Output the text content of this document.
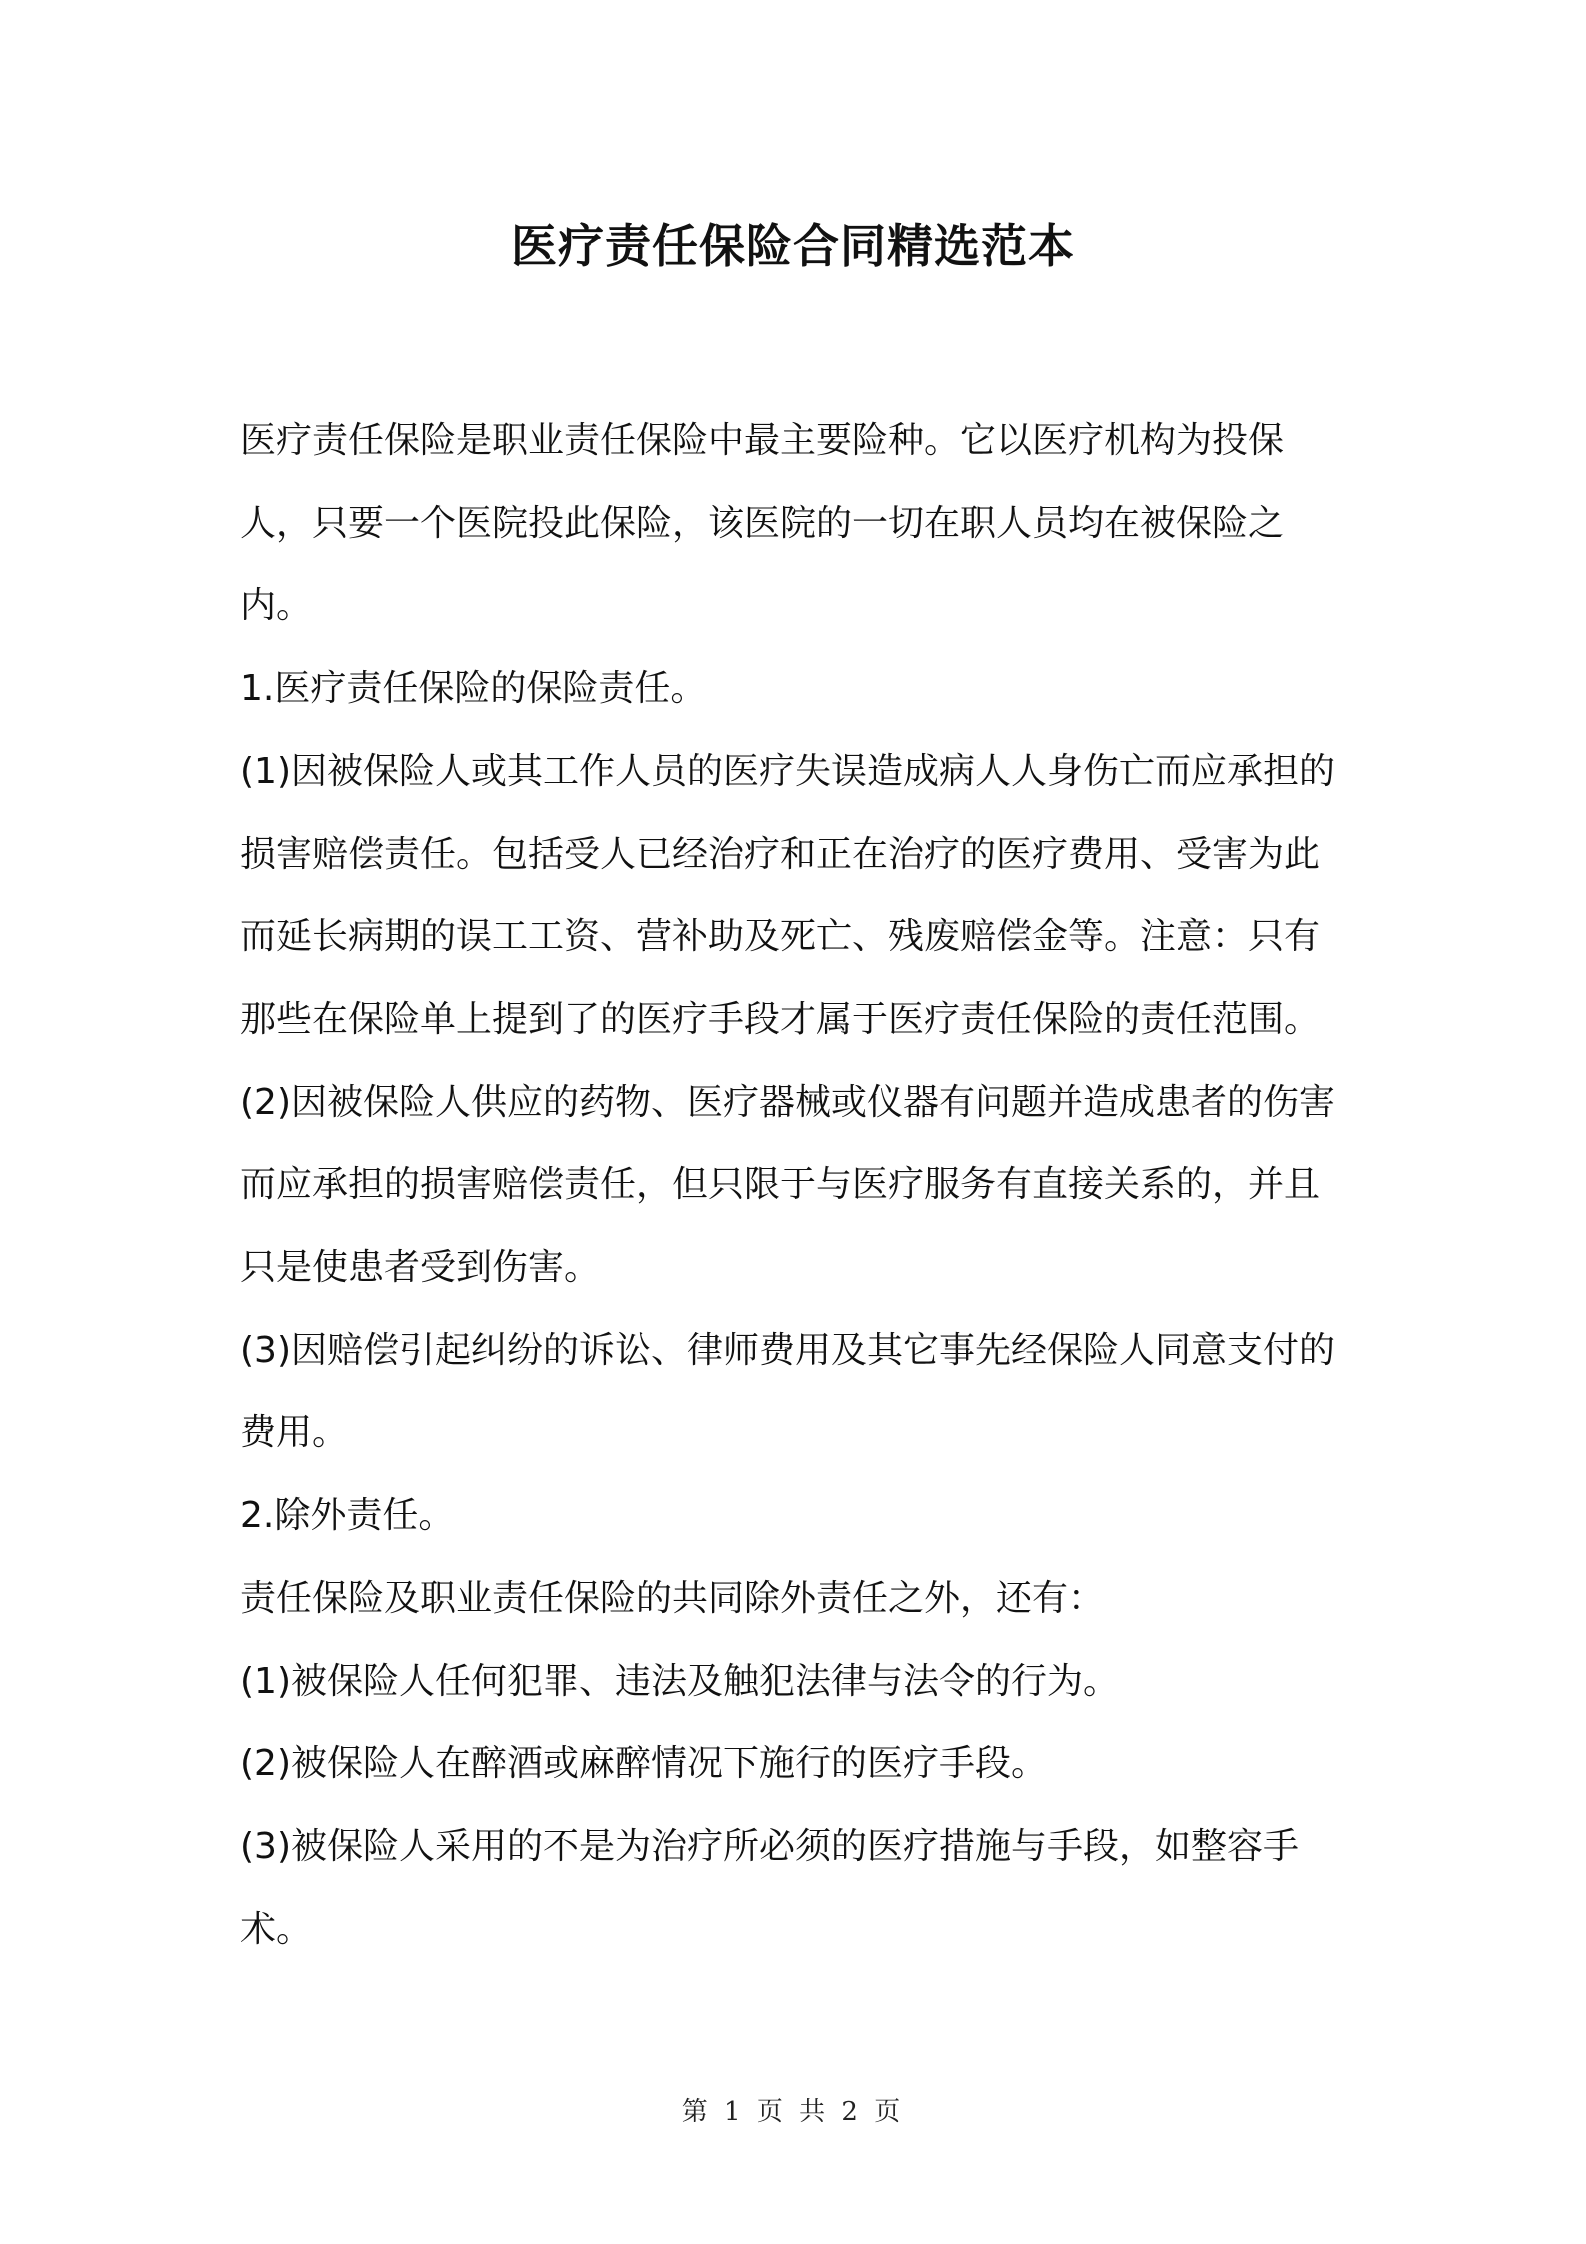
医疗责任保险合同精选范本

医疗责任保险是职业责任保险中最主要险种。它以医疗机构为投保人，只要一个医院投此保险，该医院的一切在职人员均在被保险之内。

1.医疗责任保险的保险责任。

(1)因被保险人或其工作人员的医疗失误造成病人人身伤亡而应承担的损害赔偿责任。包括受人已经治疗和正在治疗的医疗费用、受害为此而延长病期的误工工资、营补助及死亡、残废赔偿金等。注意：只有那些在保险单上提到了的医疗手段才属于医疗责任保险的责任范围。

(2)因被保险人供应的药物、医疗器械或仪器有问题并造成患者的伤害而应承担的损害赔偿责任，但只限于与医疗服务有直接关系的，并且只是使患者受到伤害。

(3)因赔偿引起纠纷的诉讼、律师费用及其它事先经保险人同意支付的费用。

2.除外责任。

责任保险及职业责任保险的共同除外责任之外，还有：

(1)被保险人任何犯罪、违法及触犯法律与法令的行为。

(2)被保险人在醉酒或麻醉情况下施行的医疗手段。

(3)被保险人采用的不是为治疗所必须的医疗措施与手段，如整容手术。

第 1 页 共 2 页
